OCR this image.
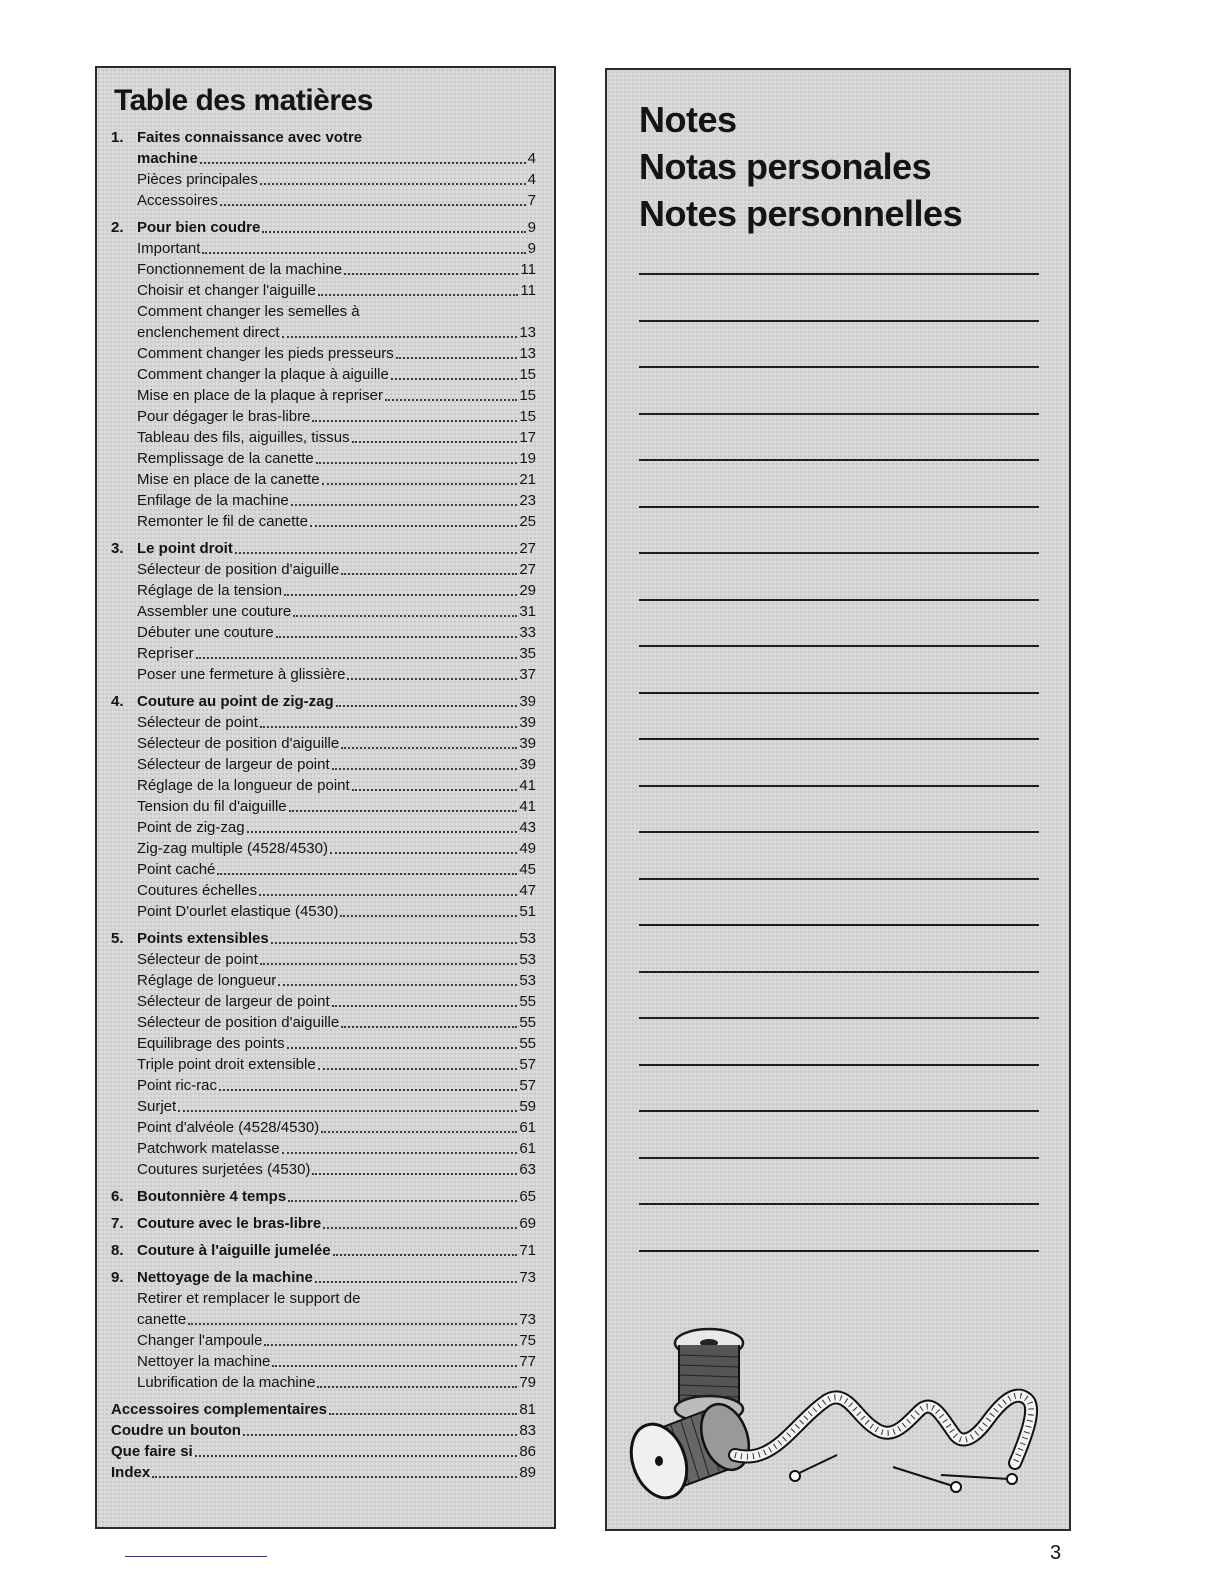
Table des matières
1. Faites connaissance avec votre
machine	4
Pièces principales	4
Accessoires	7
2. Pour bien coudre	9
Important	9
Fonctionnement de la machine	11
Choisir et changer l'aiguille	11
Comment changer les semelles à
enclenchement direct	13
Comment changer les pieds presseurs	13
Comment changer la plaque à aiguille	15
Mise en place de la plaque à repriser	15
Pour dégager le bras-libre	15
Tableau des fils, aiguilles, tissus	17
Remplissage de la canette	19
Mise en place de la canette	21
Enfilage de la machine	23
Remonter le fil de canette	25
3. Le point droit	27
Sélecteur de position d'aiguille	27
Réglage de la tension	29
Assembler une couture	31
Débuter une couture	33
Repriser	35
Poser une fermeture à glissière	37
4. Couture au point de zig-zag	39
Sélecteur de point	39
Sélecteur de position d'aiguille	39
Sélecteur de largeur de point	39
Réglage de la longueur de point	41
Tension du fil d'aiguille	41
Point de zig-zag	43
Zig-zag multiple (4528/4530)	49
Point caché	45
Coutures échelles	47
Point D'ourlet elastique (4530)	51
5. Points extensibles	53
Sélecteur de point	53
Réglage de longueur	53
Sélecteur de largeur de point	55
Sélecteur de position d'aiguille	55
Equilibrage des points	55
Triple point droit extensible	57
Point ric-rac	57
Surjet	59
Point d'alvéole (4528/4530)	61
Patchwork matelasse	61
Coutures surjetées (4530)	63
6. Boutonnière 4 temps	65
7. Couture avec le bras-libre	69
8. Couture à l'aiguille jumelée	71
9. Nettoyage de la machine	73
Retirer et remplacer le support de
canette	73
Changer l'ampoule	75
Nettoyer la machine	77
Lubrification de la machine	79
Accessoires complementaires	81
Coudre un bouton	83
Que faire si	86
Index	89

Notes

Notas personales

Notes personnelles

3
